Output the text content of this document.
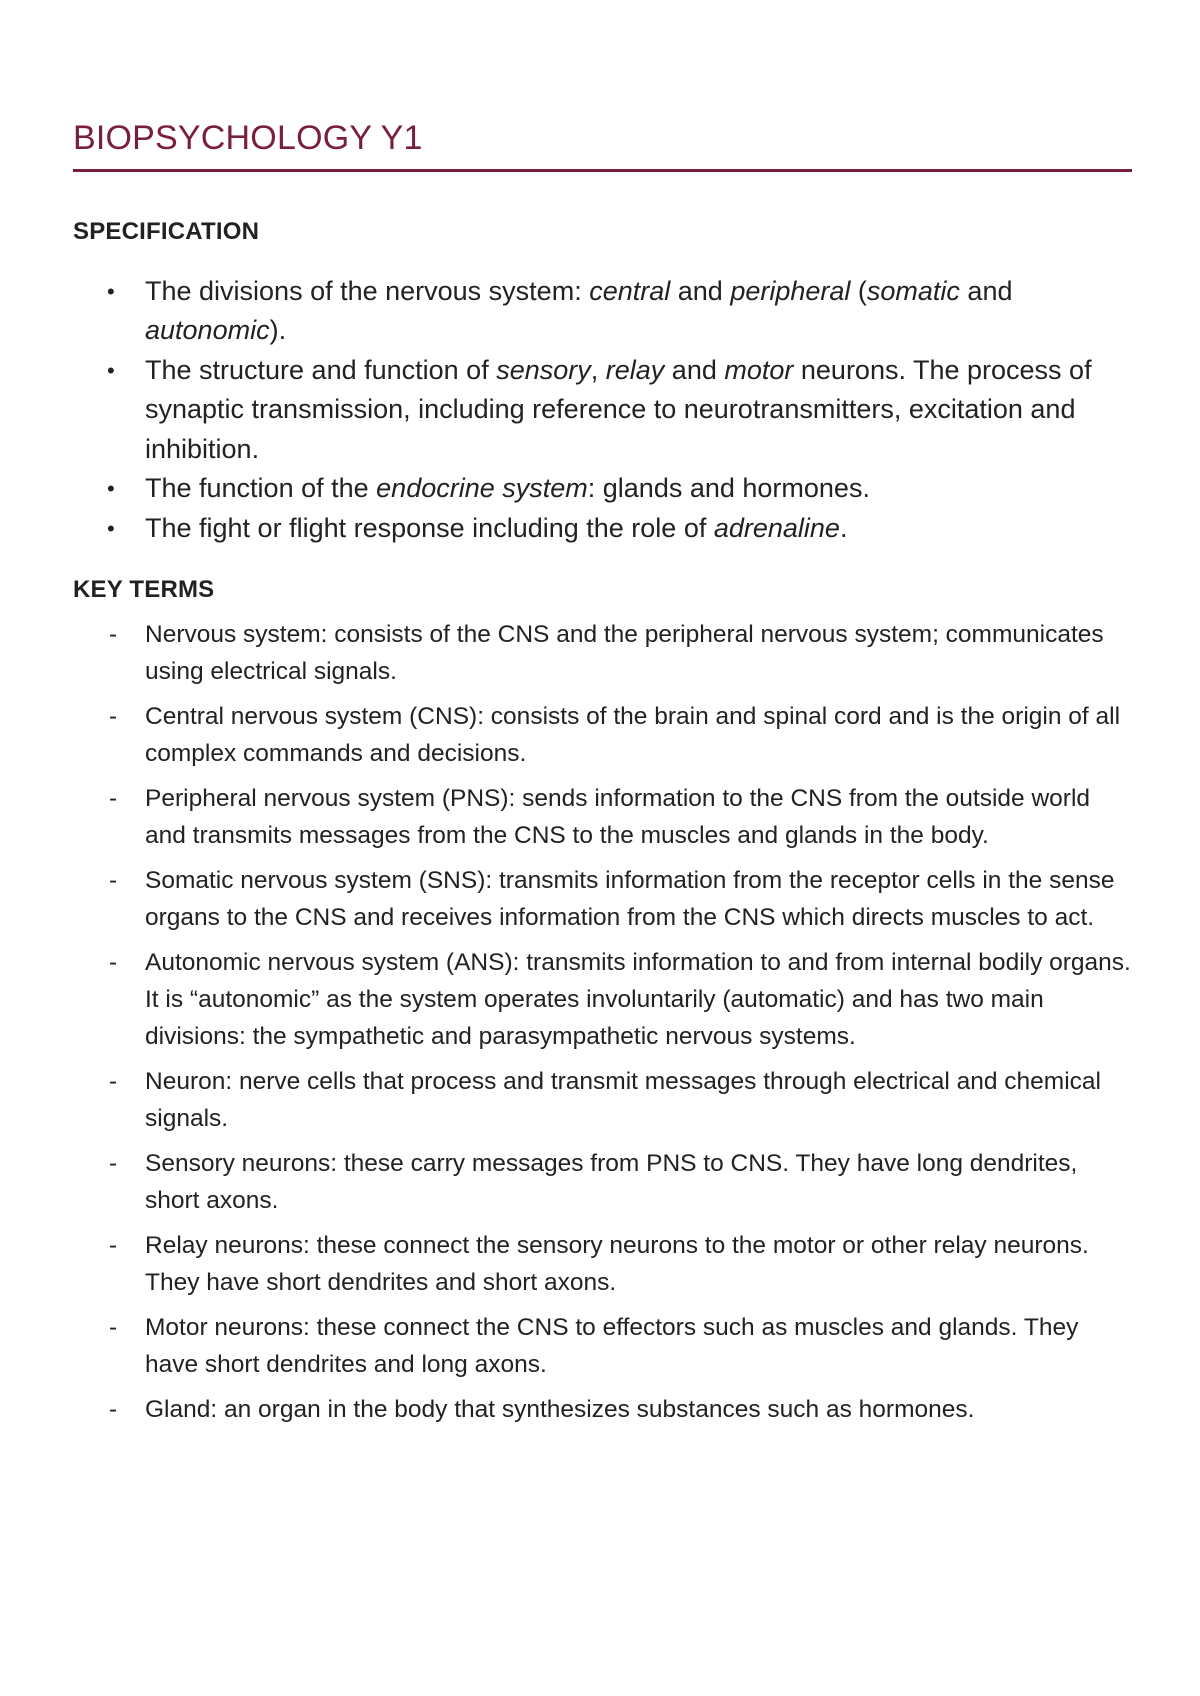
BIOPSYCHOLOGY Y1
SPECIFICATION
• The divisions of the nervous system: central and peripheral (somatic and autonomic).
• The structure and function of sensory, relay and motor neurons. The process of synaptic transmission, including reference to neurotransmitters, excitation and inhibition.
• The function of the endocrine system: glands and hormones.
• The fight or flight response including the role of adrenaline.
KEY TERMS
- Nervous system: consists of the CNS and the peripheral nervous system; communicates using electrical signals.
- Central nervous system (CNS): consists of the brain and spinal cord and is the origin of all complex commands and decisions.
- Peripheral nervous system (PNS): sends information to the CNS from the outside world and transmits messages from the CNS to the muscles and glands in the body.
- Somatic nervous system (SNS): transmits information from the receptor cells in the sense organs to the CNS and receives information from the CNS which directs muscles to act.
- Autonomic nervous system (ANS): transmits information to and from internal bodily organs. It is “autonomic” as the system operates involuntarily (automatic) and has two main divisions: the sympathetic and parasympathetic nervous systems.
- Neuron: nerve cells that process and transmit messages through electrical and chemical signals.
- Sensory neurons: these carry messages from PNS to CNS. They have long dendrites, short axons.
- Relay neurons: these connect the sensory neurons to the motor or other relay neurons. They have short dendrites and short axons.
- Motor neurons: these connect the CNS to effectors such as muscles and glands. They have short dendrites and long axons.
- Gland: an organ in the body that synthesizes substances such as hormones.
